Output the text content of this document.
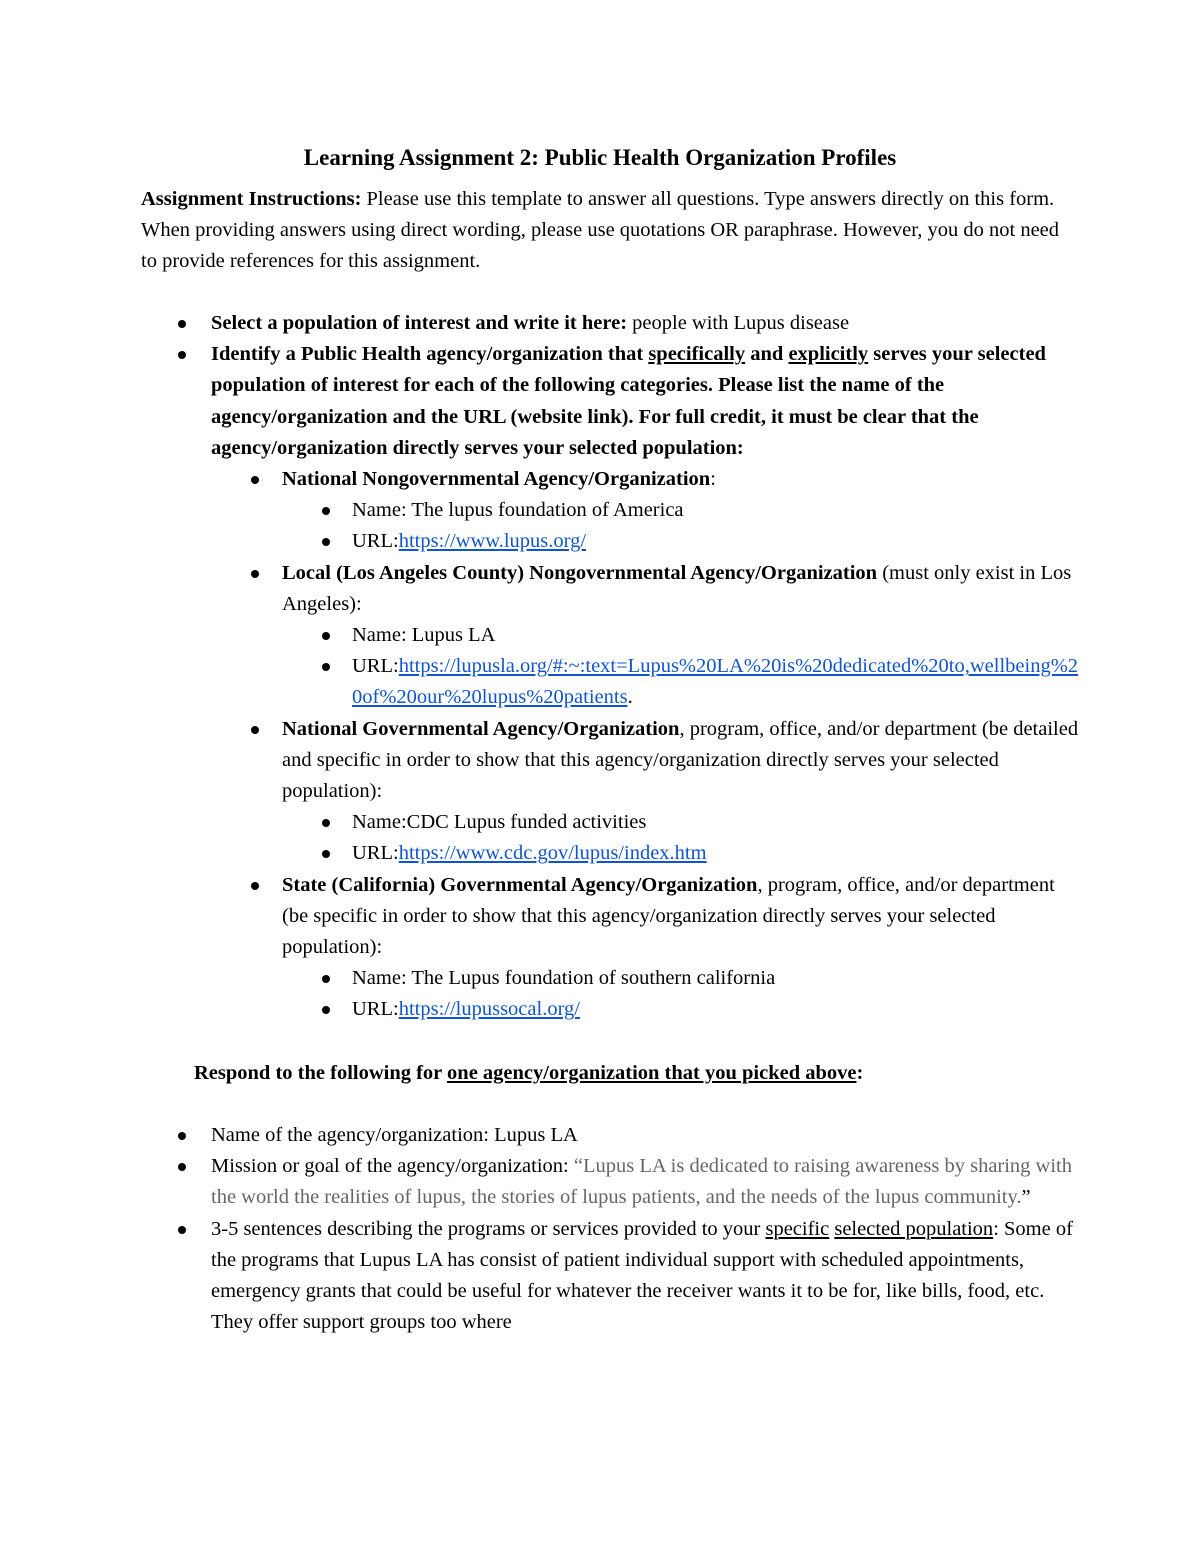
Learning Assignment 2: Public Health Organization Profiles
Assignment Instructions: Please use this template to answer all questions. Type answers directly on this form. When providing answers using direct wording, please use quotations OR paraphrase. However, you do not need to provide references for this assignment.
Select a population of interest and write it here: people with Lupus disease
Identify a Public Health agency/organization that specifically and explicitly serves your selected population of interest for each of the following categories. Please list the name of the agency/organization and the URL (website link). For full credit, it must be clear that the agency/organization directly serves your selected population:
National Nongovernmental Agency/Organization:
Name: The lupus foundation of America
URL:https://www.lupus.org/
Local (Los Angeles County) Nongovernmental Agency/Organization (must only exist in Los Angeles):
Name: Lupus LA
URL:https://lupusla.org/#:~:text=Lupus%20LA%20is%20dedicated%20to,wellbeing%20of%20our%20lupus%20patients.
National Governmental Agency/Organization, program, office, and/or department (be detailed and specific in order to show that this agency/organization directly serves your selected population):
Name:CDC Lupus funded activities
URL:https://www.cdc.gov/lupus/index.htm
State (California) Governmental Agency/Organization, program, office, and/or department (be specific in order to show that this agency/organization directly serves your selected population):
Name: The Lupus foundation of southern california
URL:https://lupussocal.org/
Respond to the following for one agency/organization that you picked above:
Name of the agency/organization: Lupus LA
Mission or goal of the agency/organization: “Lupus LA is dedicated to raising awareness by sharing with the world the realities of lupus, the stories of lupus patients, and the needs of the lupus community.”
3-5 sentences describing the programs or services provided to your specific selected population: Some of the programs that Lupus LA has consist of patient individual support with scheduled appointments, emergency grants that could be useful for whatever the receiver wants it to be for, like bills, food, etc. They offer support groups too where
